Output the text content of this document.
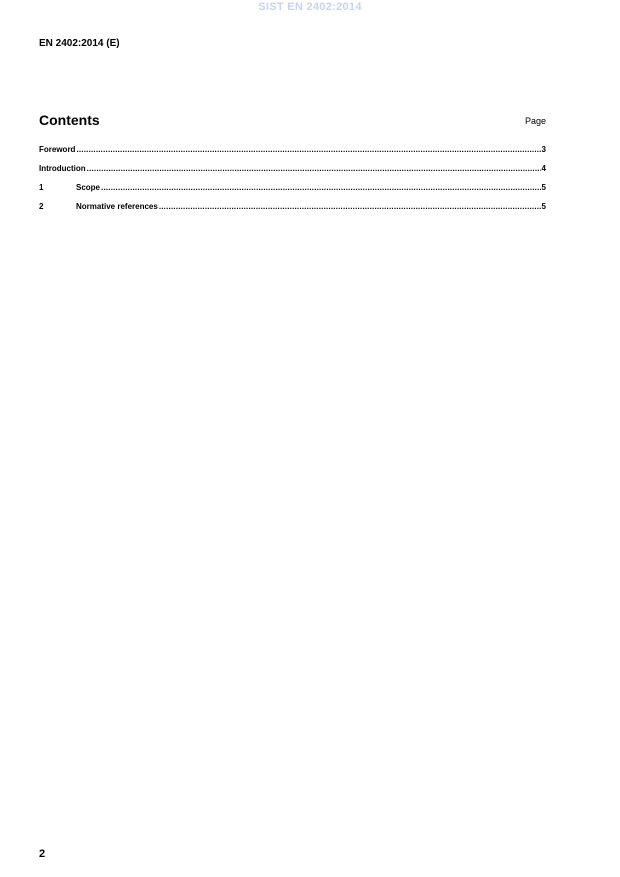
SIST EN 2402:2014
EN 2402:2014 (E)
Contents	Page
Foreword .....	3
Introduction .....	4
1	Scope .....	5
2	Normative references .....	5
2
